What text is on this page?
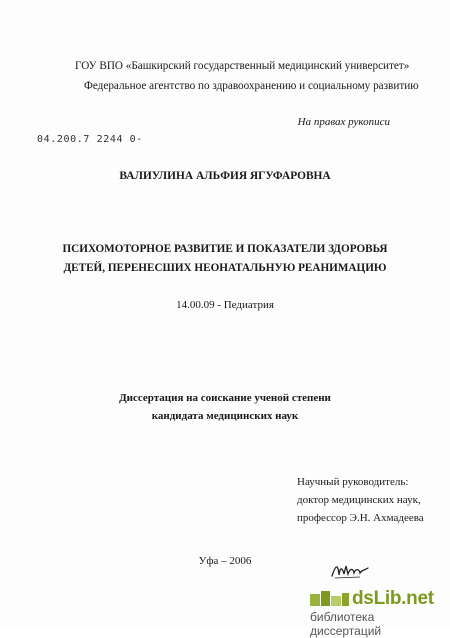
ГОУ ВПО «Башкирский государственный медицинский университет»
Федеральное агентство по здравоохранению и социальному развитию
На правах рукописи
04.200.7 2244 0-
ВАЛИУЛИНА АЛЬФИЯ ЯГУФАРОВНА
ПСИХОМОТОРНОЕ РАЗВИТИЕ И ПОКАЗАТЕЛИ ЗДОРОВЬЯ
ДЕТЕЙ, ПЕРЕНЕСШИХ НЕОНАТАЛЬНУЮ РЕАНИМАЦИЮ
14.00.09 - Педиатрия
Диссертация на соискание ученой степени
кандидата медицинских наук
Научный руководитель:
доктор медицинских наук,
профессор Э.Н. Ахмадеева
Уфа – 2006
dsLib.net
библиотека диссертаций
